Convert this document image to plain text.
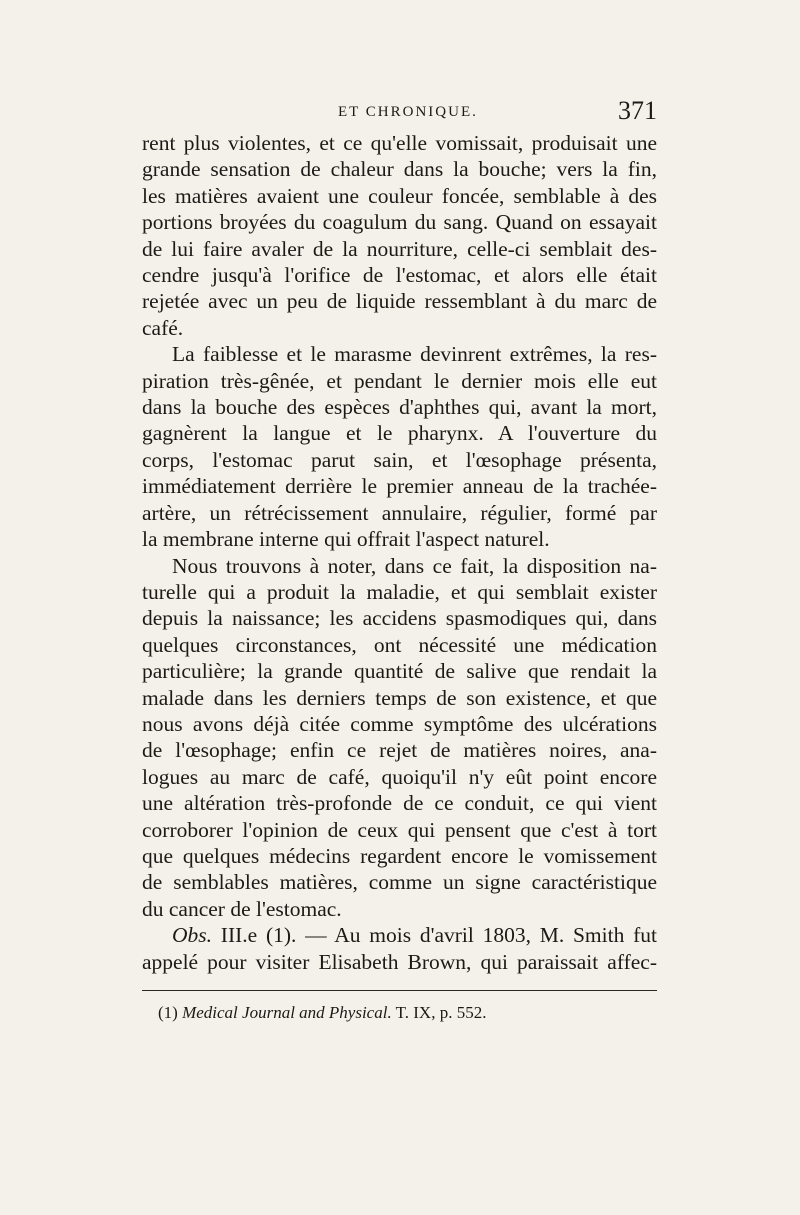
ET CHRONIQUE.	371
rent plus violentes, et ce qu'elle vomissait, produisait une
grande sensation de chaleur dans la bouche; vers la fin,
les matières avaient une couleur foncée, semblable à des
portions broyées du coagulum du sang. Quand on essayait
de lui faire avaler de la nourriture, celle-ci semblait des-
cendre jusqu'à l'orifice de l'estomac, et alors elle était
rejetée avec un peu de liquide ressemblant à du marc de
café.
La faiblesse et le marasme devinrent extrêmes, la res-
piration très-gênée, et pendant le dernier mois elle eut
dans la bouche des espèces d'aphthes qui, avant la mort,
gagnèrent la langue et le pharynx. A l'ouverture du
corps, l'estomac parut sain, et l'œsophage présenta,
immédiatement derrière le premier anneau de la trachée-
artère, un rétrécissement annulaire, régulier, formé par
la membrane interne qui offrait l'aspect naturel.
Nous trouvons à noter, dans ce fait, la disposition na-
turelle qui a produit la maladie, et qui semblait exister
depuis la naissance; les accidens spasmodiques qui, dans
quelques circonstances, ont nécessité une médication
particulière; la grande quantité de salive que rendait la
malade dans les derniers temps de son existence, et que
nous avons déjà citée comme symptôme des ulcérations
de l'œsophage; enfin ce rejet de matières noires, ana-
logues au marc de café, quoiqu'il n'y eût point encore
une altération très-profonde de ce conduit, ce qui vient
corroborer l'opinion de ceux qui pensent que c'est à tort
que quelques médecins regardent encore le vomissement
de semblables matières, comme un signe caractéristique
du cancer de l'estomac.
Obs. III.e (1). — Au mois d'avril 1803, M. Smith fut
appelé pour visiter Elisabeth Brown, qui paraissait affec-
(1) Medical Journal and Physical. T. IX, p. 552.
